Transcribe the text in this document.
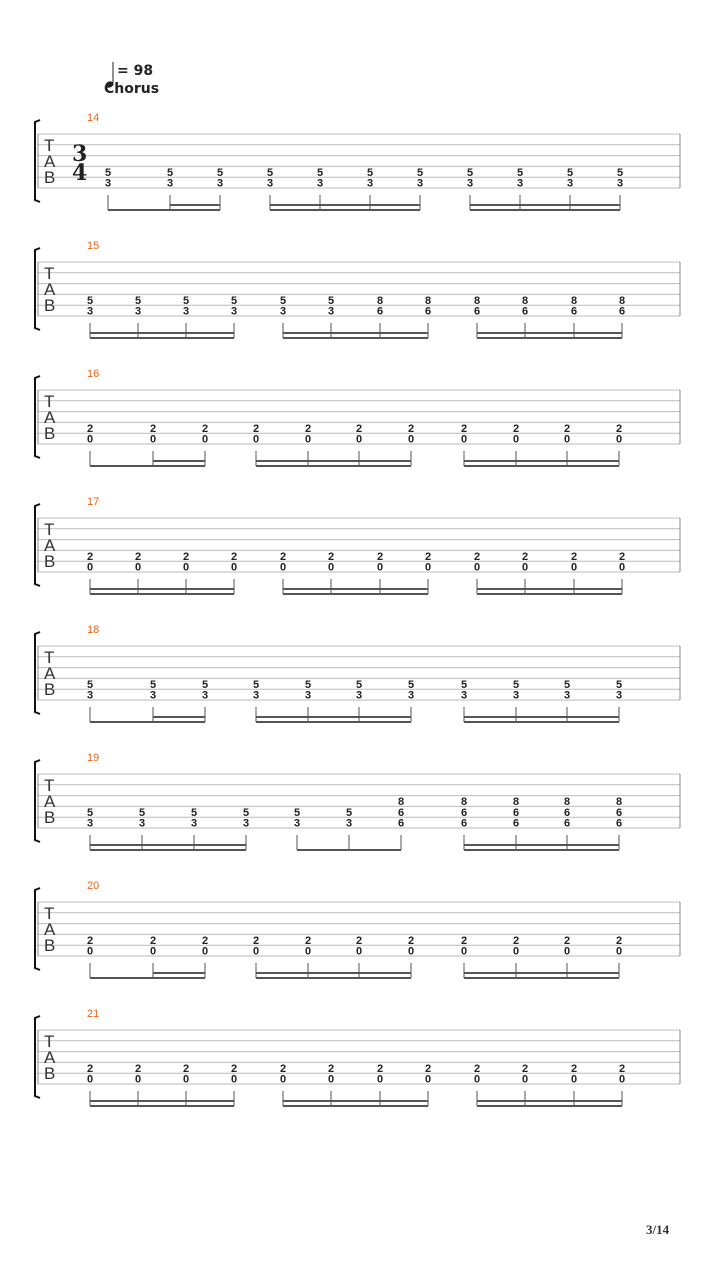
= 98
Chorus
14
T
A
B
3
4 5
3
5
3
5
3
5
3
5
3
5
3
5
3
5
3
5
3
5
3
5
3
15
T
A
B	5
3
5
3
5
3
5
3
5
3
5
3
8
6
8
6
8
6
8
6
8
6
8
6
16
T
A
B	2
0
2
0
2
0
2
0
2
0
2
0
2
0
2
0
2
0
2
0
2
0
17
T
A
B	2
0
2
0
2
0
2
0
2
0
2
0
2
0
2
0
2
0
2
0
2
0
2
0
18
T
A
B	5
3
5
3
5
3
5
3
5
3
5
3
5
3
5
3
5
3
5
3
5
3
19
T
A
B	5
3
5
3
5
3
5
3
5
3
5
3
8
6
6
8
6
6
8
6
6
8
6
6
8
6
6
20
T
A
B	2
0
2
0
2
0
2
0
2
0
2
0
2
0
2
0
2
0
2
0
2
0
21
T
A
B	2
0
2
0
2
0
2
0
2
0
2
0
2
0
2
0
2
0
2
0
2
0
2
0
3/14
